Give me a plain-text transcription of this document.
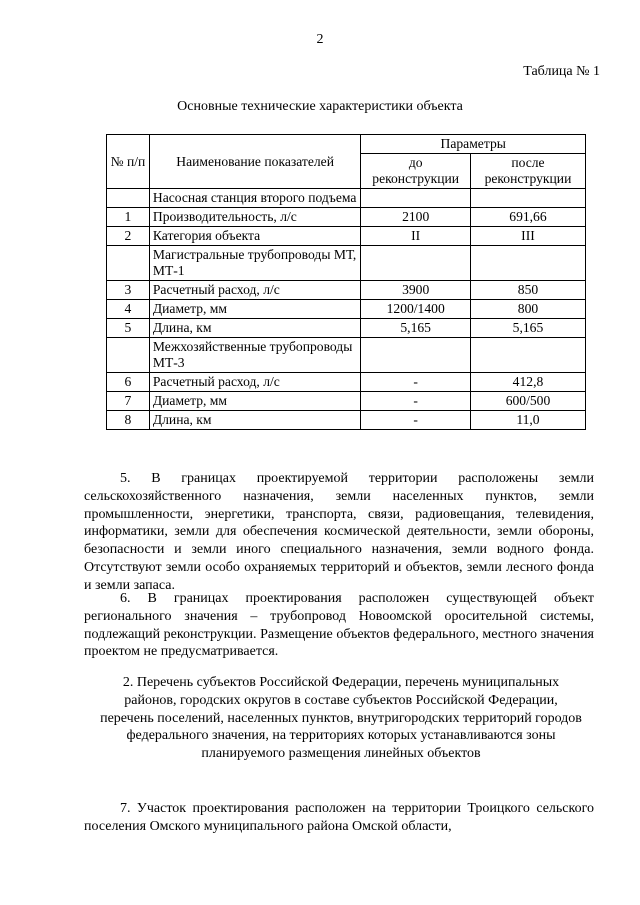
2
Таблица № 1
Основные технические характеристики объекта
№ п/п	Наименование показателей	Параметры	
		до реконструкции	после реконструкции
	Насосная станция второго подъема		
1	Производительность, л/с	2100	691,66
2	Категория объекта	II	III
	Магистральные трубопроводы МТ, МТ-1		
3	Расчетный расход, л/с	3900	850
4	Диаметр, мм	1200/1400	800
5	Длина, км	5,165	5,165
	Межхозяйственные трубопроводы МТ-3		
6	Расчетный расход, л/с	-	412,8
7	Диаметр, мм	-	600/500
8	Длина, км	-	11,0
5. В границах проектируемой территории расположены земли сельскохозяйственного назначения, земли населенных пунктов, земли промышленности, энергетики, транспорта, связи, радиовещания, телевидения, информатики, земли для обеспечения космической деятельности, земли обороны, безопасности и земли иного специального назначения, земли водного фонда. Отсутствуют земли особо охраняемых территорий и объектов, земли лесного фонда и земли запаса.
6. В границах проектирования расположен существующей объект регионального значения – трубопровод Новоомской оросительной системы, подлежащий реконструкции. Размещение объектов федерального, местного значения проектом не предусматривается.
2. Перечень субъектов Российской Федерации, перечень муниципальных районов, городских округов в составе субъектов Российской Федерации, перечень поселений, населенных пунктов, внутригородских территорий городов федерального значения, на территориях которых устанавливаются зоны планируемого размещения линейных объектов
7. Участок проектирования расположен на территории Троицкого сельского поселения Омского муниципального района Омской области,
